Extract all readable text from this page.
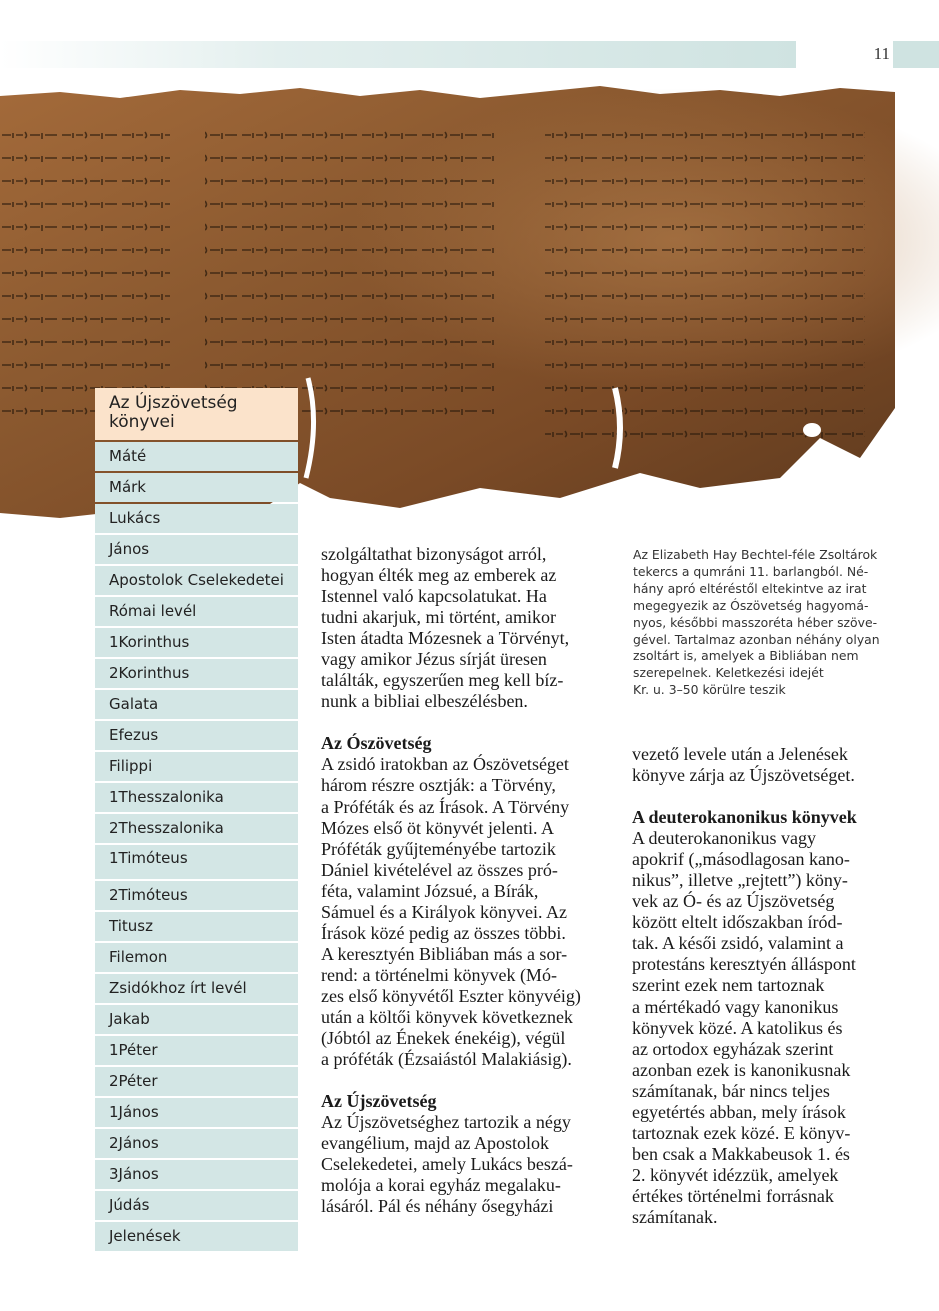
11
Az Elizabeth Hay Bechtel-féle Zsoltárok
tekercs a qumráni 11. barlangból. Né-
hány apró eltéréstől eltekintve az irat
megegyezik az Ószövetség hagyomá-
nyos, későbbi masszoréta héber szöve-
gével. Tartalmaz azonban néhány olyan
zsoltárt is, amelyek a Bibliában nem
szerepelnek. Keletkezési idejét
Kr. u. 3–50 körülre teszik
Az Újszövetség
könyvei
Máté
Márk
Lukács
János
Apostolok Cselekedetei
Római levél
1Korinthus
2Korinthus
Galata
Efezus
Filippi
1Thesszalonika
2Thesszalonika
1Timóteus
2Timóteus
Titusz
Filemon
Zsidókhoz írt levél
Jakab
1Péter
2Péter
1János
2János
3János
Júdás
Jelenések
szolgáltathat bizonyságot arról,
hogyan élték meg az emberek az
Istennel való kapcsolatukat. Ha
tudni akarjuk, mi történt, amikor
Isten átadta Mózesnek a Törvényt,
vagy amikor Jézus sírját üresen
találták, egyszerűen meg kell bíz-
nunk a bibliai elbeszélésben.
Az Ószövetség
A zsidó iratokban az Ószövetséget
három részre osztják: a Törvény,
a Próféták és az Írások. A Törvény
Mózes első öt könyvét jelenti. A
Próféták gyűjteményébe tartozik
Dániel kivételével az összes pró-
féta, valamint Józsué, a Bírák,
Sámuel és a Királyok könyvei. Az
Írások közé pedig az összes többi.
A keresztyén Bibliában más a sor-
rend: a történelmi könyvek (Mó-
zes első könyvétől Eszter könyvéig)
után a költői könyvek következnek
(Jóbtól az Énekek énekéig), végül
a próféták (Ézsaiástól Malakiásig).
Az Újszövetség
Az Újszövetséghez tartozik a négy
evangélium, majd az Apostolok
Cselekedetei, amely Lukács beszá-
molója a korai egyház megalaku-
lásáról. Pál és néhány ősegyházi
vezető levele után a Jelenések
könyve zárja az Újszövetséget.
A deuterokanonikus könyvek
A deuterokanonikus vagy
apokrif („másodlagosan kano-
nikus”, illetve „rejtett”) köny-
vek az Ó- és az Újszövetség
között eltelt időszakban íród-
tak. A késői zsidó, valamint a
protestáns keresztyén álláspont
szerint ezek nem tartoznak
a mértékadó vagy kanonikus
könyvek közé. A katolikus és
az ortodox egyházak szerint
azonban ezek is kanonikusnak
számítanak, bár nincs teljes
egyetértés abban, mely írások
tartoznak ezek közé. E könyv-
ben csak a Makkabeusok 1. és
2. könyvét idézzük, amelyek
értékes történelmi forrásnak
számítanak.
